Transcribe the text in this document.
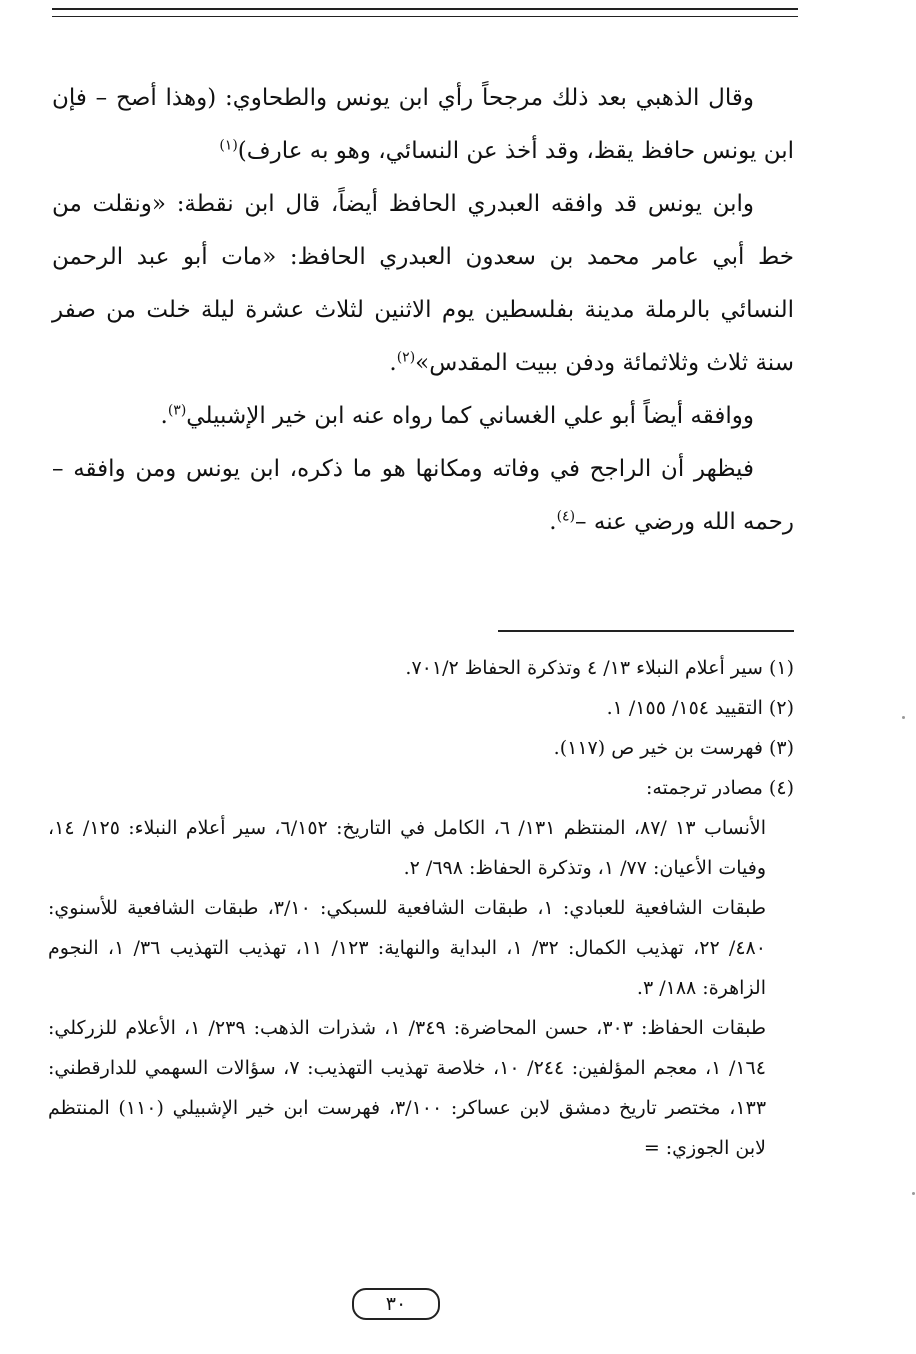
وقال الذهبي بعد ذلك مرجحاً رأي ابن يونس والطحاوي: (وهذا أصح – فإن ابن يونس حافظ يقظ، وقد أخذ عن النسائي، وهو به عارف)$^{(١)}$

وابن يونس قد وافقه العبدري الحافظ أيضاً، قال ابن نقطة: «ونقلت من خط أبي عامر محمد بن سعدون العبدري الحافظ: «مات أبو عبد الرحمن النسائي بالرملة مدينة بفلسطين يوم الاثنين لثلاث عشرة ليلة خلت من صفر سنة ثلاث وثلاثمائة ودفن ببيت المقدس»$^{(٢)}$.

ووافقه أيضاً أبو علي الغساني كما رواه عنه ابن خير الإشبيلي$^{(٣)}$.

فيظهر أن الراجح في وفاته ومكانها هو ما ذكره، ابن يونس ومن وافقه – رحمه الله ورضي عنه –$^{(٤)}$.

(١) سير أعلام النبلاء ١٣/ ٤ وتذكرة الحفاظ ٧٠١/٢.

(٢) التقييد ١٥٤/ ١٥٥/ ١.

(٣) فهرست بن خير ص (١١٧).

(٤) مصادر ترجمته:

الأنساب ١٣ /٨٧، المنتظم ١٣١/ ٦، الكامل في التاريخ: ٦/١٥٢، سير أعلام النبلاء: ١٢٥/ ١٤، وفيات الأعيان: ٧٧/ ١، وتذكرة الحفاظ: ٦٩٨/ ٢.

طبقات الشافعية للعبادي: ١، طبقات الشافعية للسبكي: ٣/١٠، طبقات الشافعية للأسنوي: ٤٨٠/ ٢٢، تهذيب الكمال: ٣٢/ ١، البداية والنهاية: ١٢٣/ ١١، تهذيب التهذيب ٣٦/ ١، النجوم الزاهرة: ١٨٨/ ٣.

طبقات الحفاظ: ٣٠٣، حسن المحاضرة: ٣٤٩/ ١، شذرات الذهب: ٢٣٩/ ١، الأعلام للزركلي: ١٦٤/ ١، معجم المؤلفين: ٢٤٤/ ١٠، خلاصة تهذيب التهذيب: ٧، سؤالات السهمي للدارقطني: ١٣٣، مختصر تاريخ دمشق لابن عساكر: ٣/١٠٠، فهرست ابن خير الإشبيلي (١١٠) المنتظم لابن الجوزي: =

٣٠
